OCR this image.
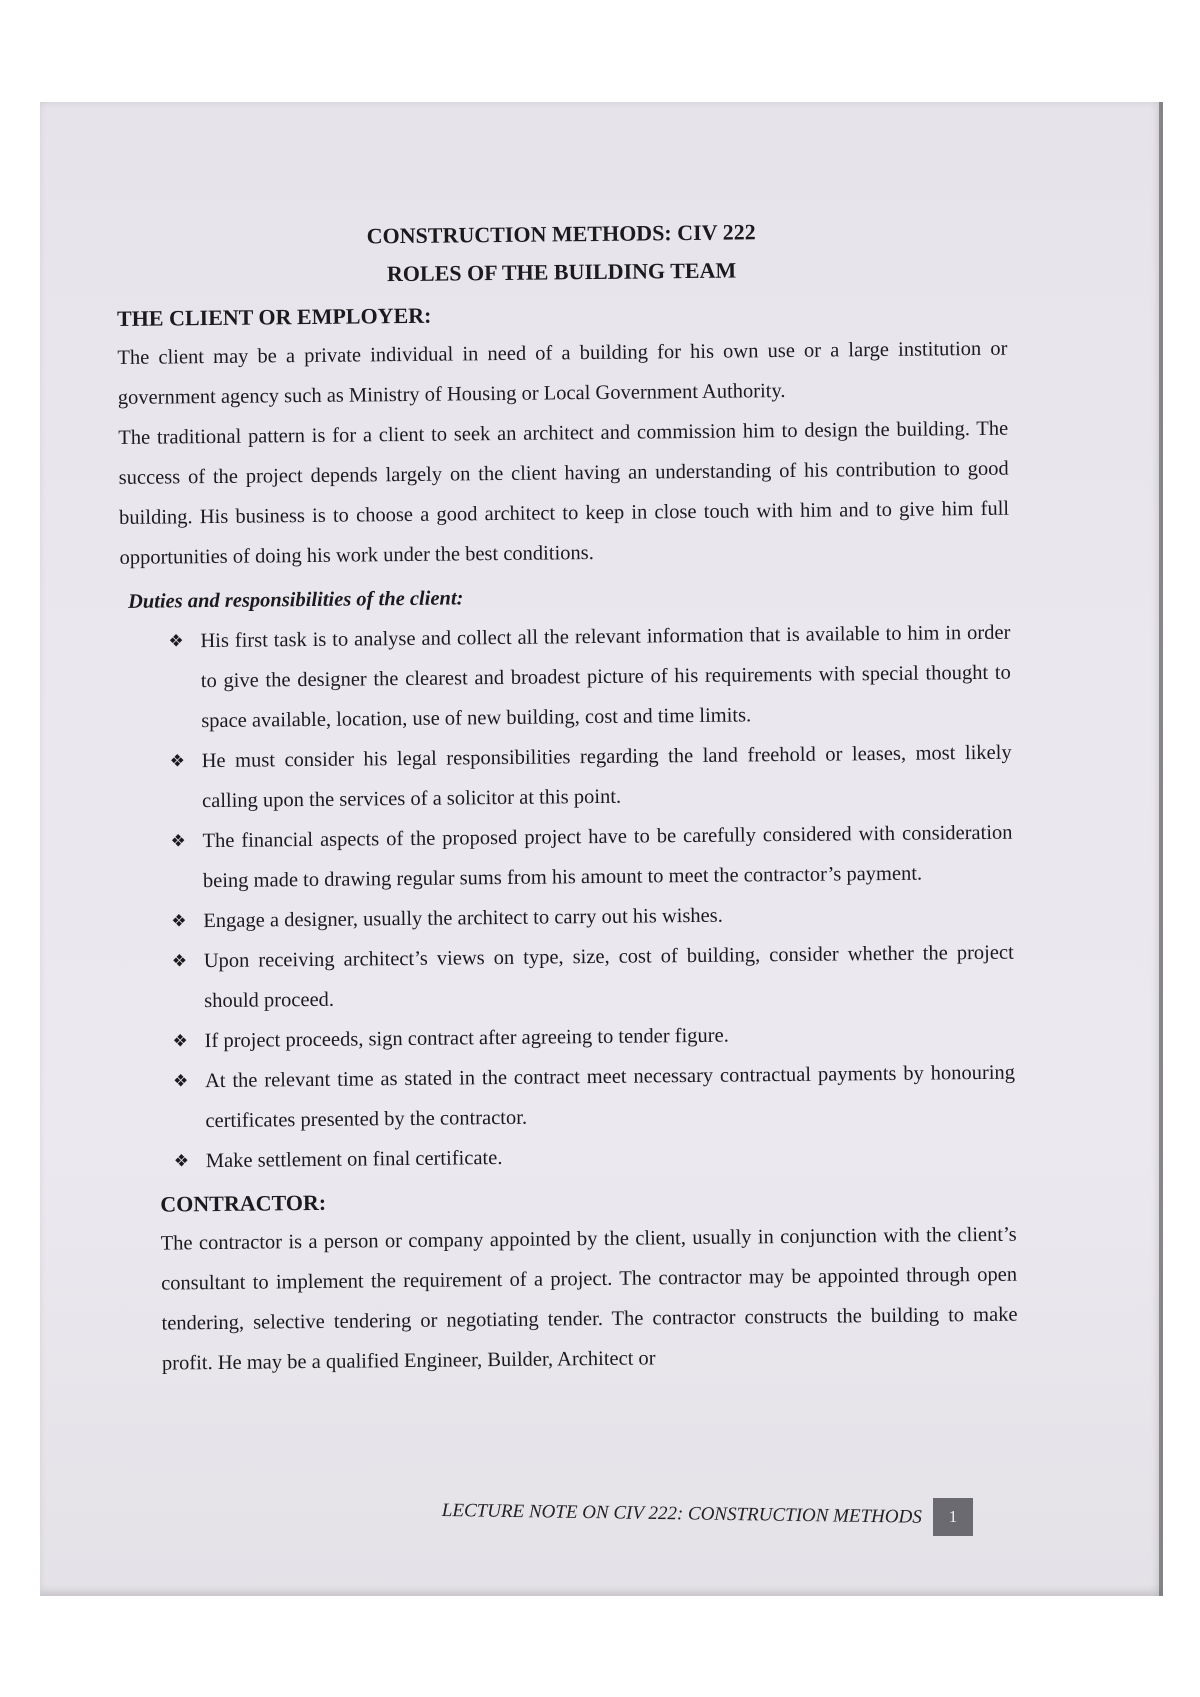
CONSTRUCTION METHODS: CIV 222

ROLES OF THE BUILDING TEAM

THE CLIENT OR EMPLOYER:

The client may be a private individual in need of a building for his own use or a large institution or government agency such as Ministry of Housing or Local Government Authority.

The traditional pattern is for a client to seek an architect and commission him to design the building. The success of the project depends largely on the client having an understanding of his contribution to good building. His business is to choose a good architect to keep in close touch with him and to give him full opportunities of doing his work under the best conditions.

Duties and responsibilities of the client:

❖ His first task is to analyse and collect all the relevant information that is available to him in order to give the designer the clearest and broadest picture of his requirements with special thought to space available, location, use of new building, cost and time limits.
❖ He must consider his legal responsibilities regarding the land freehold or leases, most likely calling upon the services of a solicitor at this point.
❖ The financial aspects of the proposed project have to be carefully considered with consideration being made to drawing regular sums from his amount to meet the contractor’s payment.
❖ Engage a designer, usually the architect to carry out his wishes.
❖ Upon receiving architect’s views on type, size, cost of building, consider whether the project should proceed.
❖ If project proceeds, sign contract after agreeing to tender figure.
❖ At the relevant time as stated in the contract meet necessary contractual payments by honouring certificates presented by the contractor.
❖ Make settlement on final certificate.

CONTRACTOR:

The contractor is a person or company appointed by the client, usually in conjunction with the client’s consultant to implement the requirement of a project. The contractor may be appointed through open tendering, selective tendering or negotiating tender. The contractor constructs the building to make profit. He may be a qualified Engineer, Builder, Architect or

LECTURE NOTE ON CIV 222: CONSTRUCTION METHODS	1
